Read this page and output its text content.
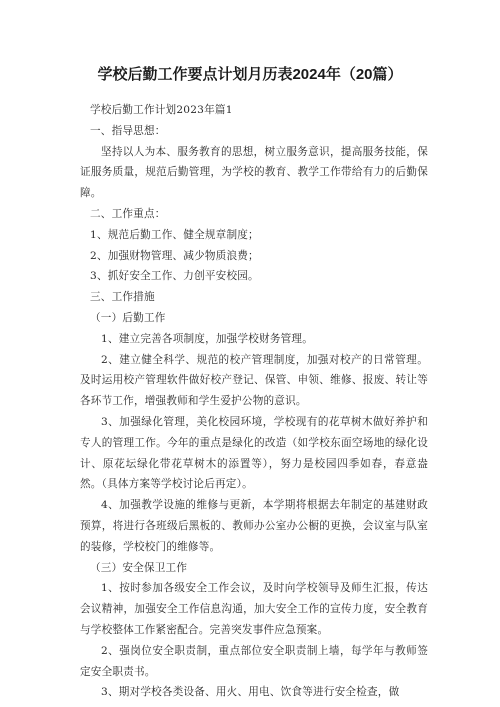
学校后勤工作要点计划月历表2024年（20篇）

学校后勤工作计划2023年篇1

一、指导思想：

坚持以人为本、服务教育的思想，树立服务意识，提高服务技能，保证服务质量，规范后勤管理，为学校的教育、教学工作带给有力的后勤保障。

二、工作重点：

1、规范后勤工作、健全规章制度；

2、加强财物管理、减少物质浪费；

3、抓好安全工作、力创平安校园。

三、工作措施

（一）后勤工作

1、建立完善各项制度，加强学校财务管理。

2、建立健全科学、规范的校产管理制度，加强对校产的日常管理。及时运用校产管理软件做好校产登记、保管、申领、维修、报废、转让等各环节工作，增强教师和学生爱护公物的意识。

3、加强绿化管理，美化校园环境，学校现有的花草树木做好养护和专人的管理工作。今年的重点是绿化的改造（如学校东面空场地的绿化设计、原花坛绿化带花草树木的添置等），努力是校园四季如春，春意盎然。（具体方案等学校讨论后再定）。

4、加强教学设施的维修与更新，本学期将根据去年制定的基建财政预算，将进行各班级后黑板的、教师办公室办公橱的更换，会议室与队室的装修，学校校门的维修等。

（三）安全保卫工作

1、按时参加各级安全工作会议，及时向学校领导及师生汇报，传达会议精神，加强安全工作信息沟通，加大安全工作的宣传力度，安全教育与学校整体工作紧密配合。完善突发事件应急预案。

2、强岗位安全职责制，重点部位安全职责制上墙，每学年与教师签定安全职责书。

3、期对学校各类设备、用火、用电、饮食等进行安全检查，做
